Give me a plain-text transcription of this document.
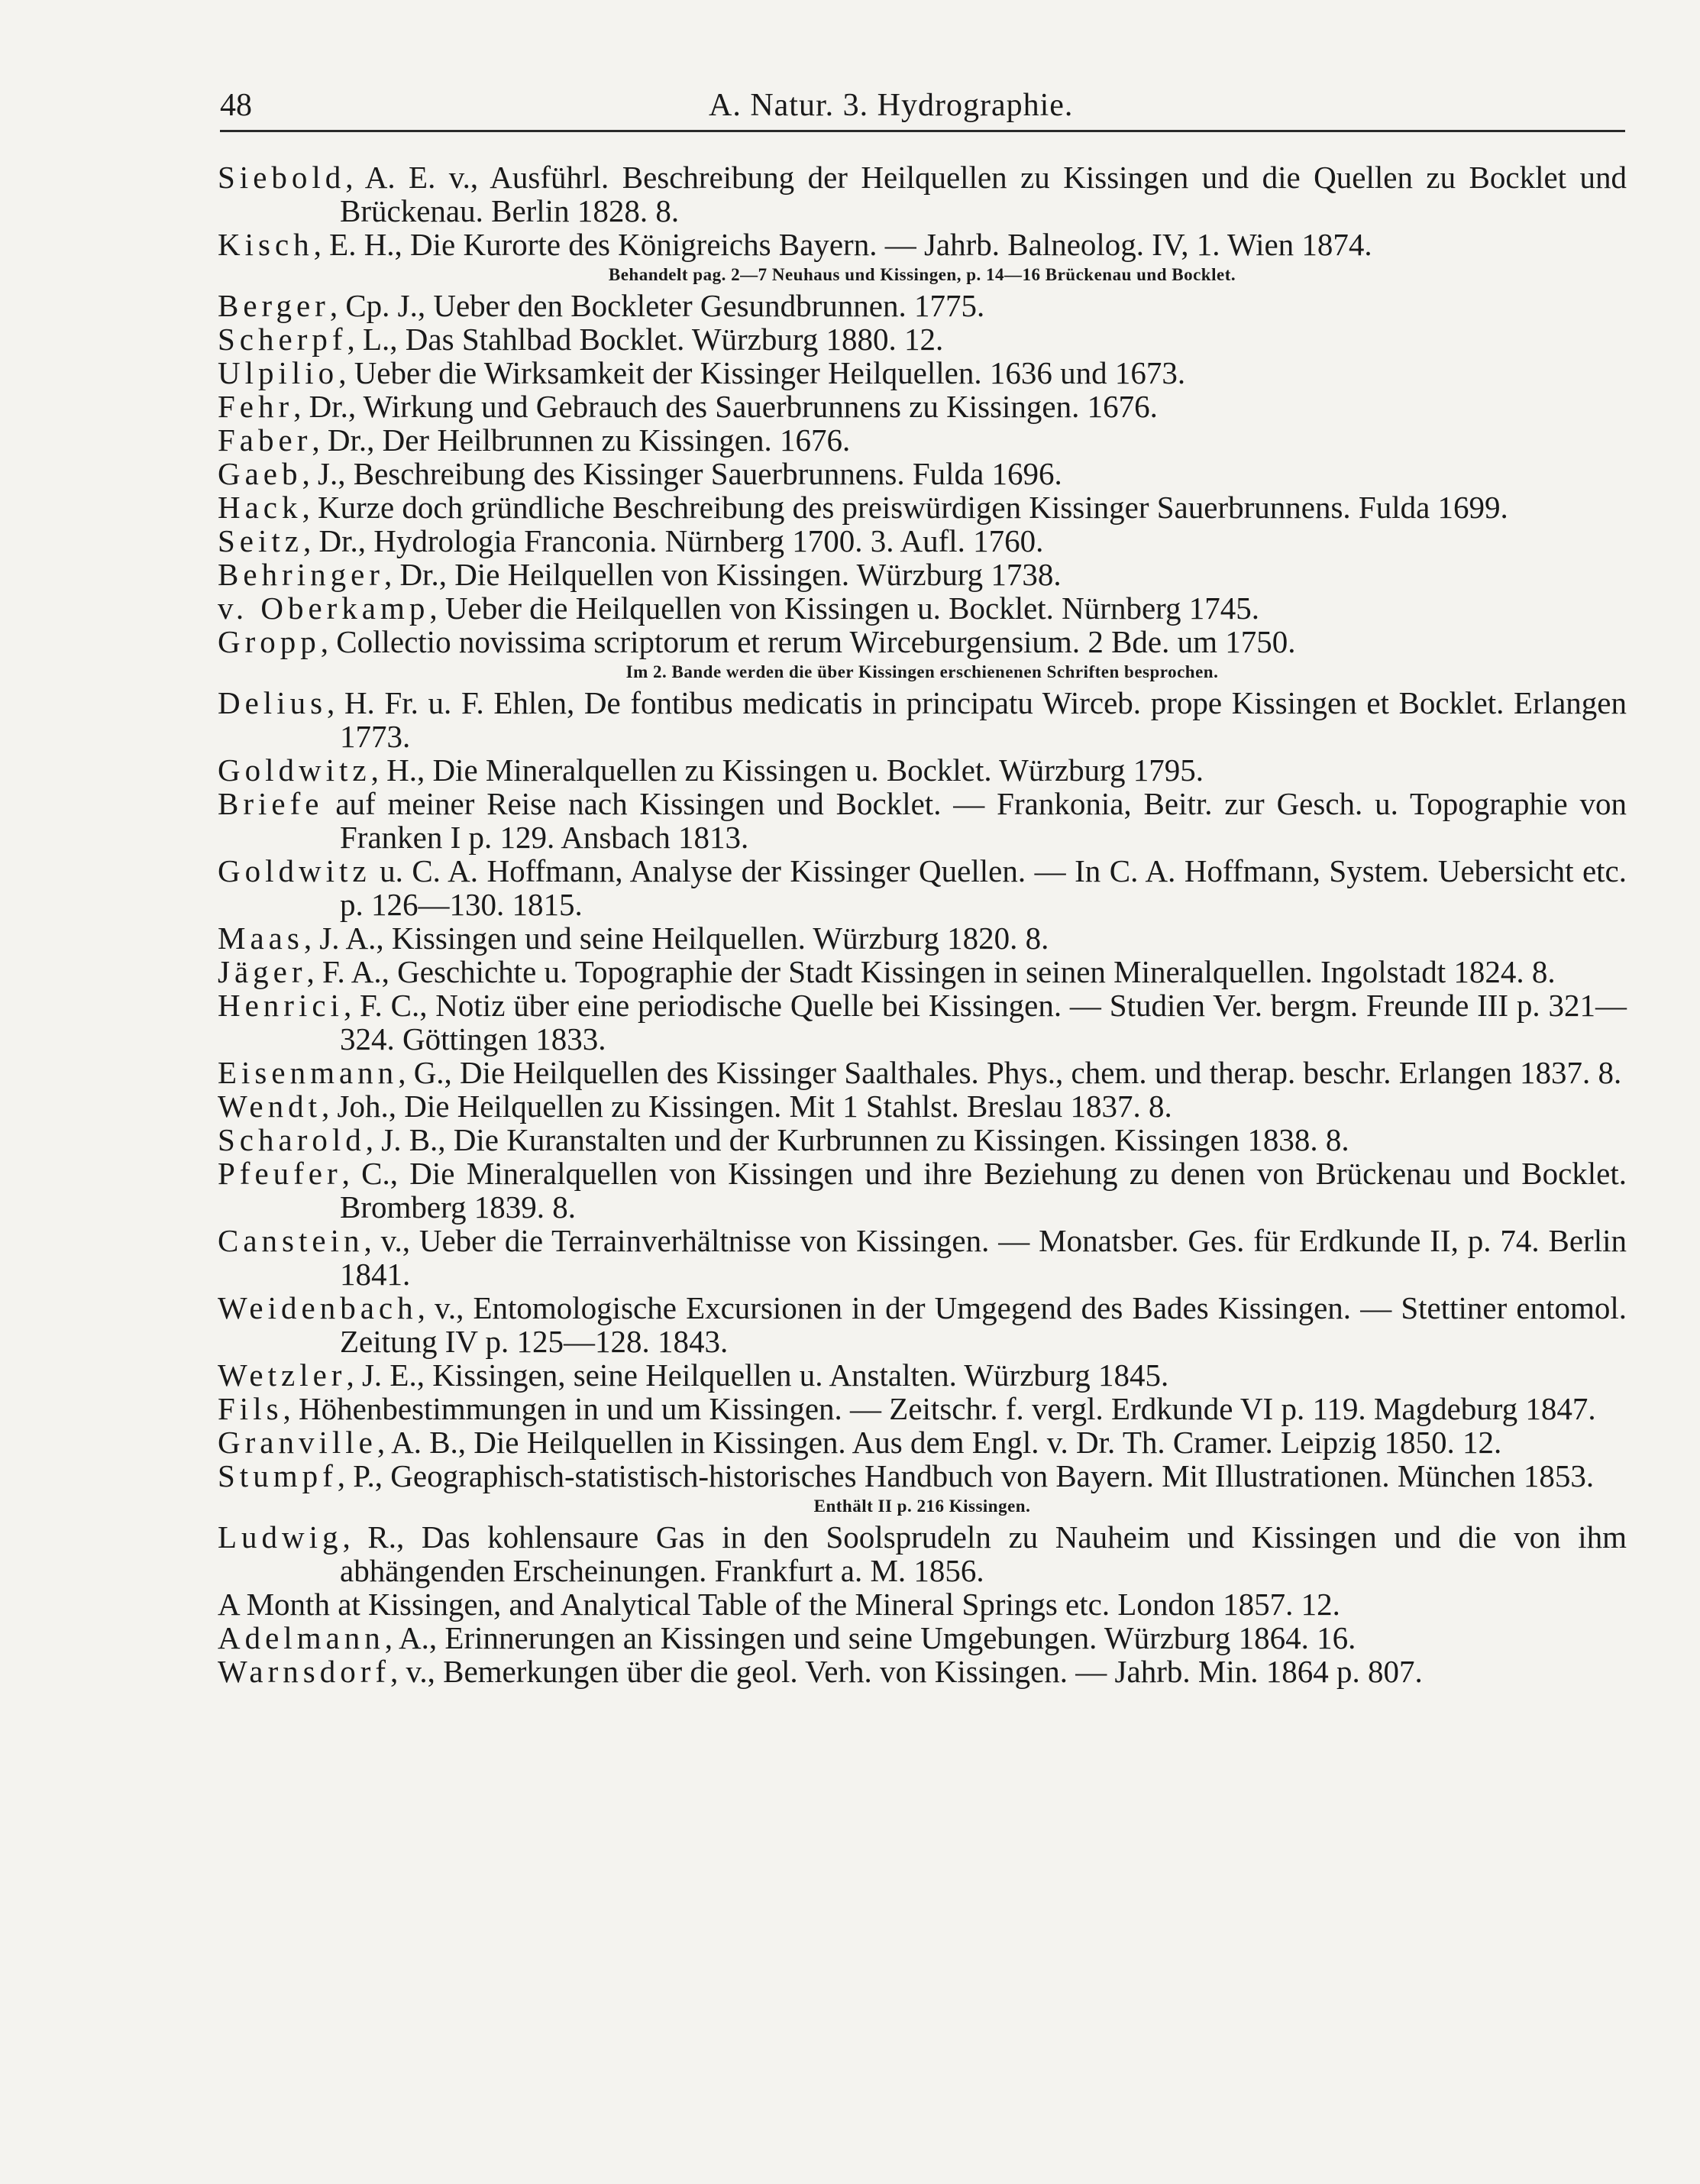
48	A. Natur. 3. Hydrographie.
Siebold, A. E. v., Ausführl. Beschreibung der Heilquellen zu Kissingen und die Quellen zu Bocklet und Brückenau. Berlin 1828. 8.
Kisch, E. H., Die Kurorte des Königreichs Bayern. — Jahrb. Balneolog. IV, 1. Wien 1874.
Behandelt pag. 2—7 Neuhaus und Kissingen, p. 14—16 Brückenau und Bocklet.
Berger, Cp. J., Ueber den Bockleter Gesundbrunnen. 1775.
Scherpf, L., Das Stahlbad Bocklet. Würzburg 1880. 12.
Ulpilio, Ueber die Wirksamkeit der Kissinger Heilquellen. 1636 und 1673.
Fehr, Dr., Wirkung und Gebrauch des Sauerbrunnens zu Kissingen. 1676.
Faber, Dr., Der Heilbrunnen zu Kissingen. 1676.
Gaeb, J., Beschreibung des Kissinger Sauerbrunnens. Fulda 1696.
Hack, Kurze doch gründliche Beschreibung des preiswürdigen Kissinger Sauerbrunnens. Fulda 1699.
Seitz, Dr., Hydrologia Franconia. Nürnberg 1700. 3. Aufl. 1760.
Behringer, Dr., Die Heilquellen von Kissingen. Würzburg 1738.
v. Oberkamp, Ueber die Heilquellen von Kissingen u. Bocklet. Nürnberg 1745.
Gropp, Collectio novissima scriptorum et rerum Wirceburgensium. 2 Bde. um 1750.
Im 2. Bande werden die über Kissingen erschienenen Schriften besprochen.
Delius, H. Fr. u. F. Ehlen, De fontibus medicatis in principatu Wirceb. prope Kissingen et Bocklet. Erlangen 1773.
Goldwitz, H., Die Mineralquellen zu Kissingen u. Bocklet. Würzburg 1795.
Briefe auf meiner Reise nach Kissingen und Bocklet. — Frankonia, Beitr. zur Gesch. u. Topographie von Franken I p. 129. Ansbach 1813.
Goldwitz u. C. A. Hoffmann, Analyse der Kissinger Quellen. — In C. A. Hoffmann, System. Uebersicht etc. p. 126—130. 1815.
Maas, J. A., Kissingen und seine Heilquellen. Würzburg 1820. 8.
Jäger, F. A., Geschichte u. Topographie der Stadt Kissingen in seinen Mineralquellen. Ingolstadt 1824. 8.
Henrici, F. C., Notiz über eine periodische Quelle bei Kissingen. — Studien Ver. bergm. Freunde III p. 321—324. Göttingen 1833.
Eisenmann, G., Die Heilquellen des Kissinger Saalthales. Phys., chem. und therap. beschr. Erlangen 1837. 8.
Wendt, Joh., Die Heilquellen zu Kissingen. Mit 1 Stahlst. Breslau 1837. 8.
Scharold, J. B., Die Kuranstalten und der Kurbrunnen zu Kissingen. Kissingen 1838. 8.
Pfeufer, C., Die Mineralquellen von Kissingen und ihre Beziehung zu denen von Brückenau und Bocklet. Bromberg 1839. 8.
Canstein, v., Ueber die Terrainverhältnisse von Kissingen. — Monatsber. Ges. für Erdkunde II, p. 74. Berlin 1841.
Weidenbach, v., Entomologische Excursionen in der Umgegend des Bades Kissingen. — Stettiner entomol. Zeitung IV p. 125—128. 1843.
Wetzler, J. E., Kissingen, seine Heilquellen u. Anstalten. Würzburg 1845.
Fils, Höhenbestimmungen in und um Kissingen. — Zeitschr. f. vergl. Erdkunde VI p. 119. Magdeburg 1847.
Granville, A. B., Die Heilquellen in Kissingen. Aus dem Engl. v. Dr. Th. Cramer. Leipzig 1850. 12.
Stumpf, P., Geographisch-statistisch-historisches Handbuch von Bayern. Mit Illustrationen. München 1853.
Enthält II p. 216 Kissingen.
Ludwig, R., Das kohlensaure Gas in den Soolsprudeln zu Nauheim und Kissingen und die von ihm abhängenden Erscheinungen. Frankfurt a. M. 1856.
A Month at Kissingen, and Analytical Table of the Mineral Springs etc. London 1857. 12.
Adelmann, A., Erinnerungen an Kissingen und seine Umgebungen. Würzburg 1864. 16.
Warnsdorf, v., Bemerkungen über die geol. Verh. von Kissingen. — Jahrb. Min. 1864 p. 807.
